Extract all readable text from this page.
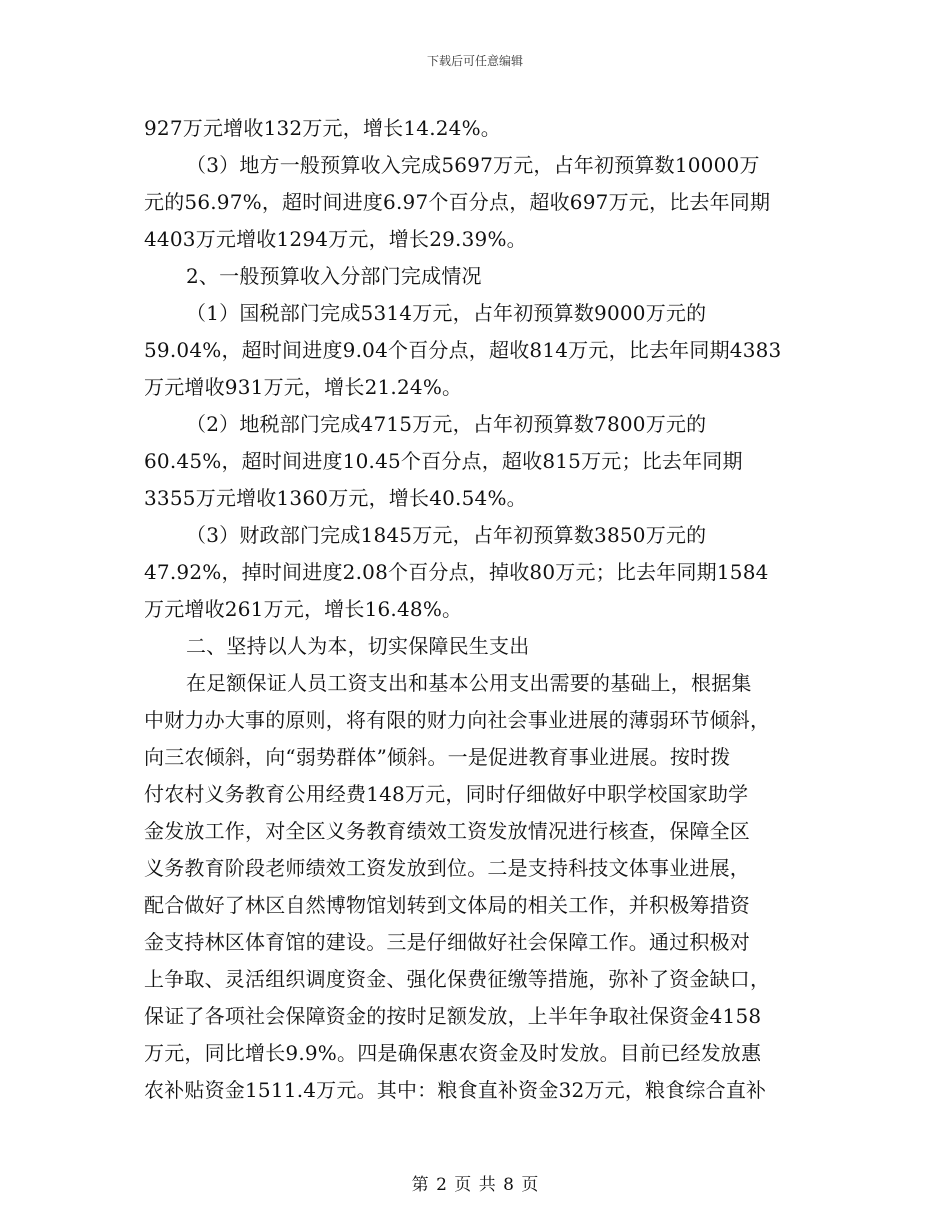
下载后可任意编辑
927万元增收132万元，增长14.24%。
（3）地方一般预算收入完成5697万元，占年初预算数10000万
元的56.97%，超时间进度6.97个百分点，超收697万元，比去年同期
4403万元增收1294万元，增长29.39%。
2、一般预算收入分部门完成情况
（1）国税部门完成5314万元，占年初预算数9000万元的
59.04%，超时间进度9.04个百分点，超收814万元，比去年同期4383
万元增收931万元，增长21.24%。
（2）地税部门完成4715万元，占年初预算数7800万元的
60.45%，超时间进度10.45个百分点，超收815万元；比去年同期
3355万元增收1360万元，增长40.54%。
（3）财政部门完成1845万元，占年初预算数3850万元的
47.92%，掉时间进度2.08个百分点，掉收80万元；比去年同期1584
万元增收261万元，增长16.48%。
二、坚持以人为本，切实保障民生支出
在足额保证人员工资支出和基本公用支出需要的基础上，根据集
中财力办大事的原则，将有限的财力向社会事业进展的薄弱环节倾斜，
向三农倾斜，向“弱势群体”倾斜。一是促进教育事业进展。按时拨
付农村义务教育公用经费148万元，同时仔细做好中职学校国家助学
金发放工作，对全区义务教育绩效工资发放情况进行核查，保障全区
义务教育阶段老师绩效工资发放到位。二是支持科技文体事业进展，
配合做好了林区自然博物馆划转到文体局的相关工作，并积极筹措资
金支持林区体育馆的建设。三是仔细做好社会保障工作。通过积极对
上争取、灵活组织调度资金、强化保费征缴等措施，弥补了资金缺口，
保证了各项社会保障资金的按时足额发放，上半年争取社保资金4158
万元，同比增长9.9%。四是确保惠农资金及时发放。目前已经发放惠
农补贴资金1511.4万元。其中：粮食直补资金32万元，粮食综合直补
第 2 页 共 8 页
